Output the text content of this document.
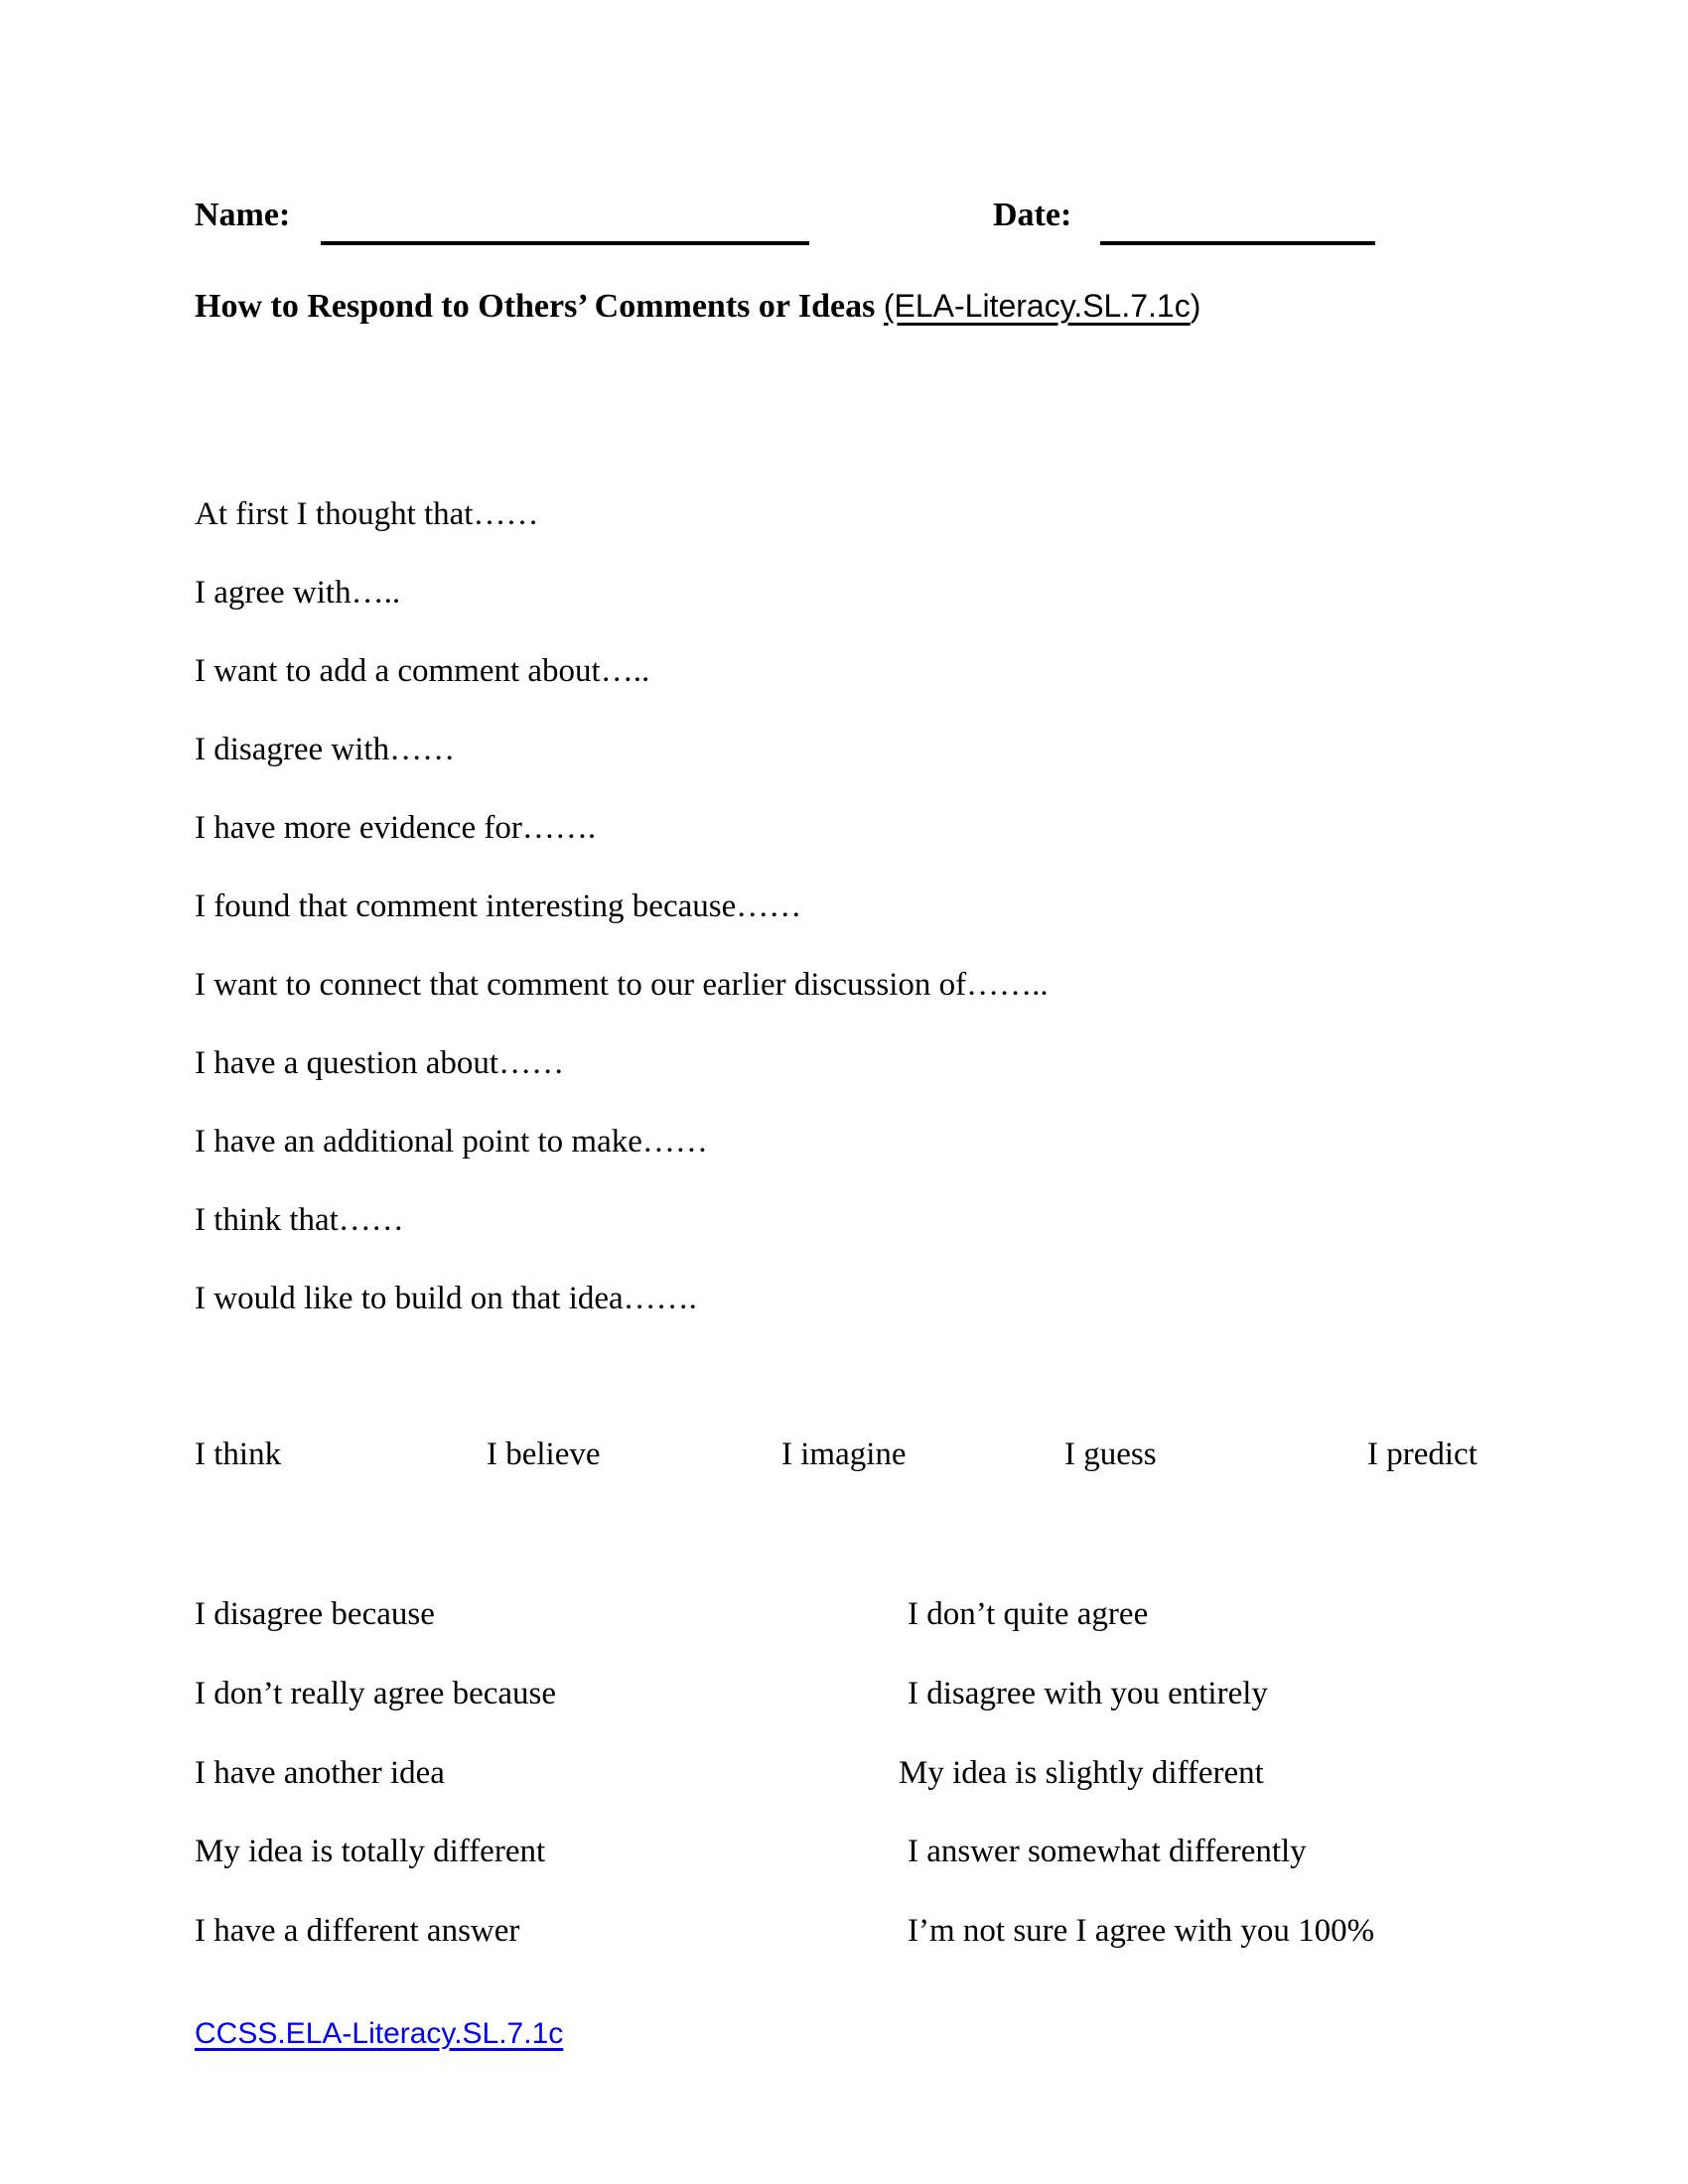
Name:	Date:
How to Respond to Others’ Comments or Ideas (ELA-Literacy.SL.7.1c)
At first I thought that……
I agree with…..
I want to add a comment about…..
I disagree with……
I have more evidence for…….
I found that comment interesting because……
I want to connect that comment to our earlier discussion of……..
I have a question about……
I have an additional point to make……
I think that……
I would like to build on that idea…….
I think	I believe	I imagine	I guess	I predict
I disagree because	I don’t quite agree
I don’t really agree because	I disagree with you entirely
I have another idea	My idea is slightly different
My idea is totally different	I answer somewhat differently
I have a different answer	I’m not sure I agree with you 100%
CCSS.ELA-Literacy.SL.7.1c
